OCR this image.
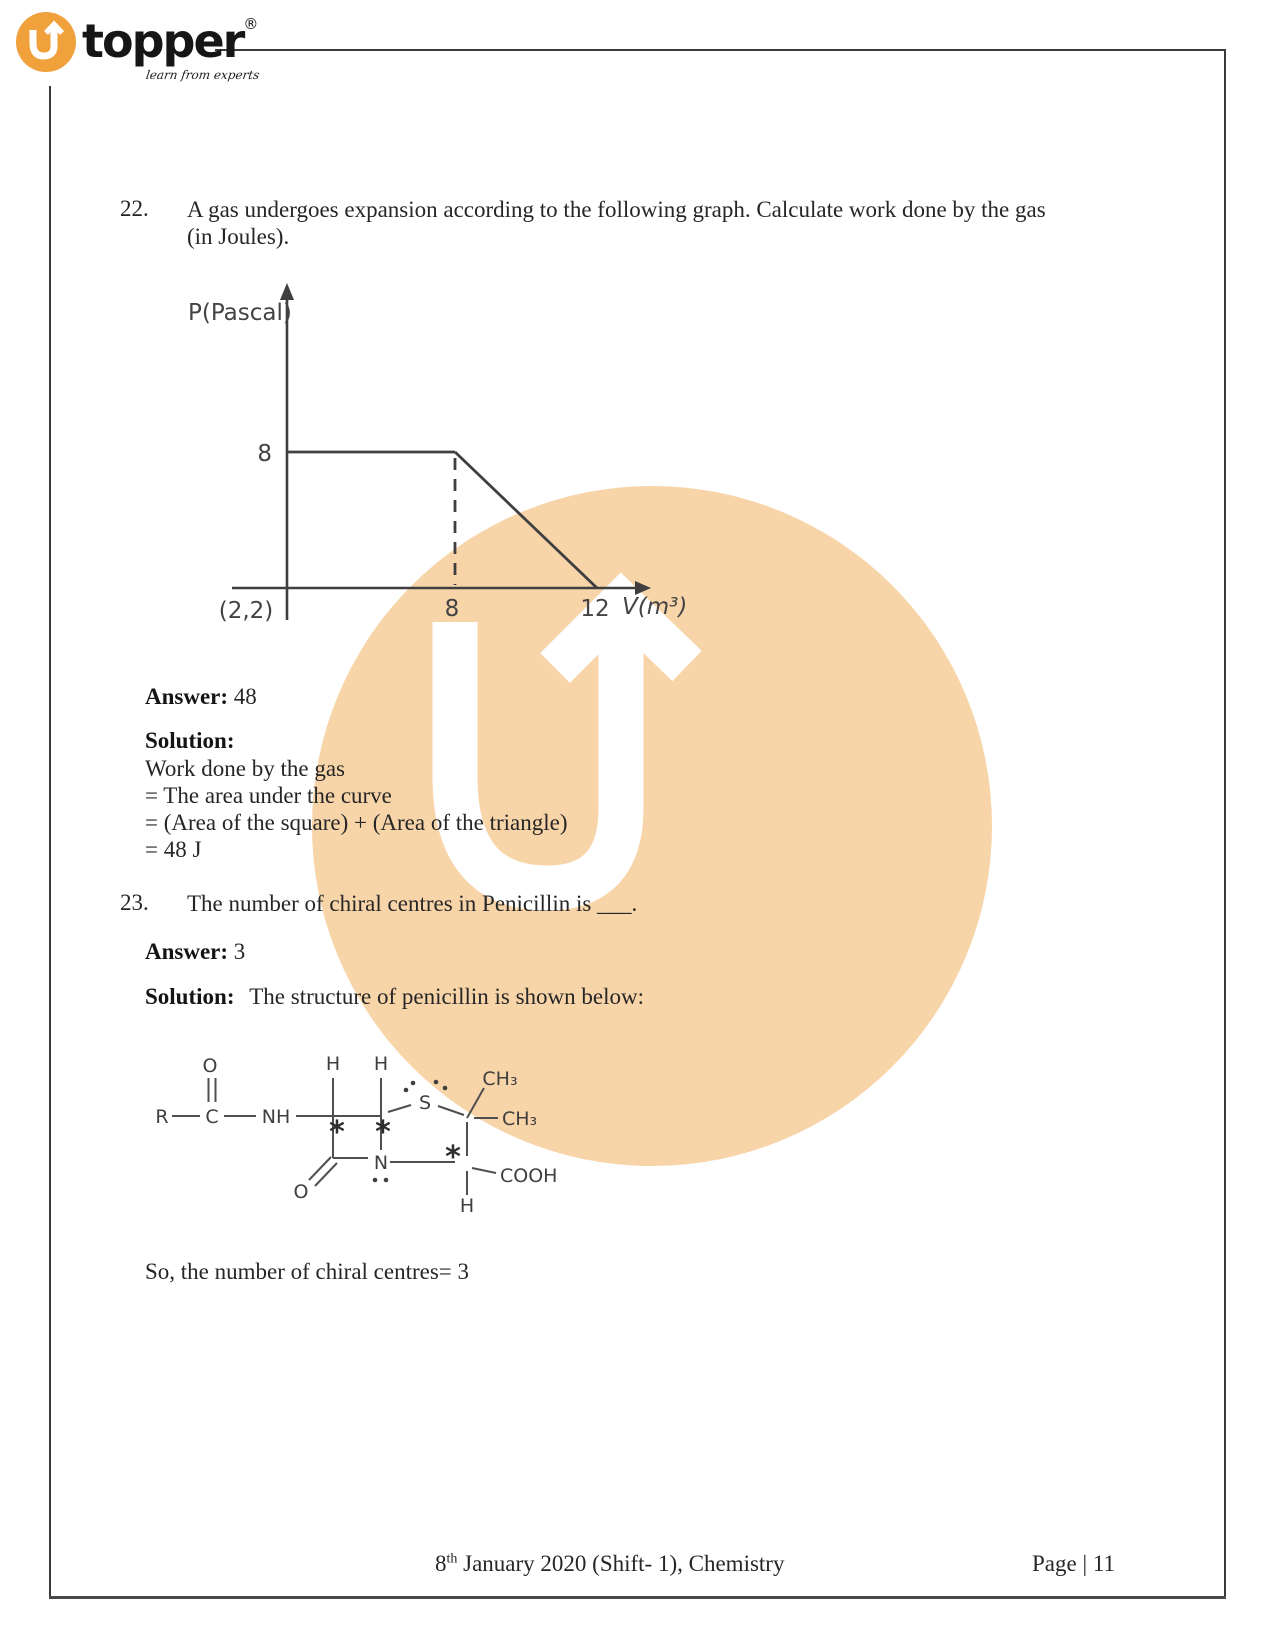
topper®
learn from experts
22. A gas undergoes expansion according to the following graph. Calculate work done by the gas
(in Joules).
P(Pascal)
8
8	12 V(m³)
(2,2)
Answer: 48
Solution:
Work done by the gas
= The area under the curve
= (Area of the square) + (Area of the triangle)
= 48 J
23. The number of chiral centres in Penicillin is ___.
Answer: 3
Solution: The structure of penicillin is shown below:
R C
O
NH
H H
S
CH₃
CH₃
N
O
COOH
H
* *
*
So, the number of chiral centres= 3
8th January 2020 (Shift- 1), Chemistry	Page | 11
